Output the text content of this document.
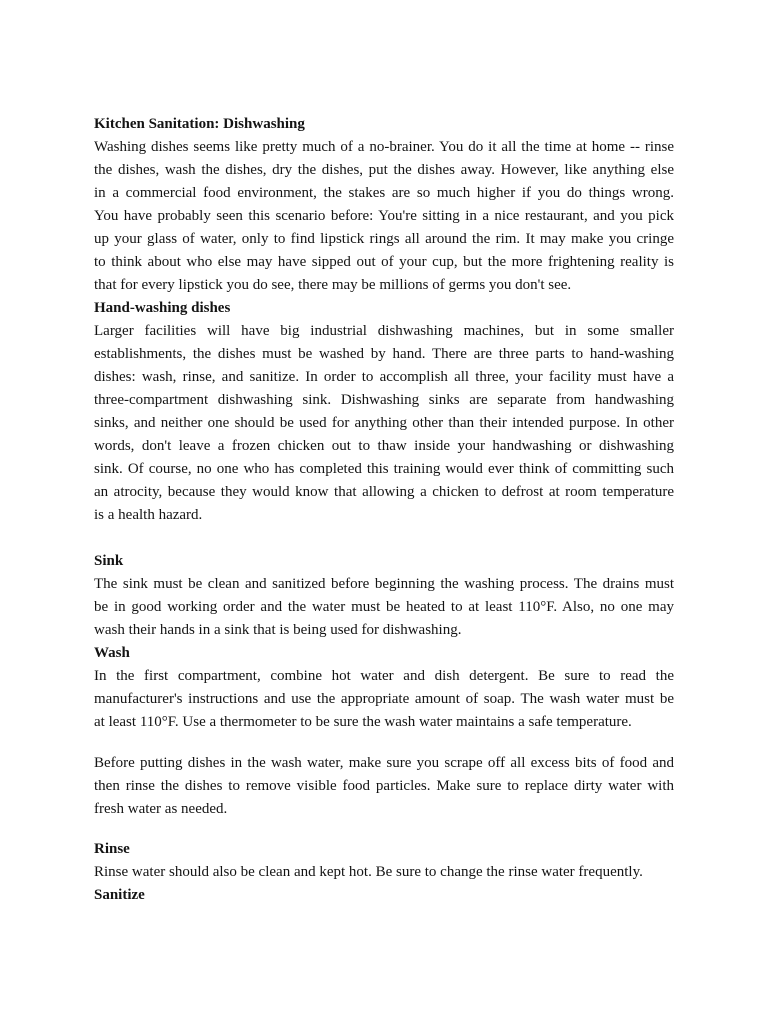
Kitchen Sanitation: Dishwashing
Washing dishes seems like pretty much of a no-brainer. You do it all the time at home -- rinse
the dishes, wash the dishes, dry the dishes, put the dishes away. However, like anything else
in a commercial food environment, the stakes are so much higher if you do things wrong.
You have probably seen this scenario before: You're sitting in a nice restaurant, and you pick
up your glass of water, only to find lipstick rings all around the rim. It may make you cringe
to think about who else may have sipped out of your cup, but the more frightening reality is
that for every lipstick you do see, there may be millions of germs you don't see.
Hand-washing dishes
Larger facilities will have big industrial dishwashing machines, but in some smaller
establishments, the dishes must be washed by hand. There are three parts to hand-washing
dishes: wash, rinse, and sanitize. In order to accomplish all three, your facility must have a
three-compartment dishwashing sink. Dishwashing sinks are separate from handwashing
sinks, and neither one should be used for anything other than their intended purpose. In other
words, don't leave a frozen chicken out to thaw inside your handwashing or dishwashing
sink. Of course, no one who has completed this training would ever think of committing such
an atrocity, because they would know that allowing a chicken to defrost at room temperature
is a health hazard.
Sink
The sink must be clean and sanitized before beginning the washing process. The drains must
be in good working order and the water must be heated to at least 110°F. Also, no one may
wash their hands in a sink that is being used for dishwashing.
Wash
In the first compartment, combine hot water and dish detergent. Be sure to read the
manufacturer's instructions and use the appropriate amount of soap. The wash water must be
at least 110°F. Use a thermometer to be sure the wash water maintains a safe temperature.
Before putting dishes in the wash water, make sure you scrape off all excess bits of food and
then rinse the dishes to remove visible food particles. Make sure to replace dirty water with
fresh water as needed.
Rinse
Rinse water should also be clean and kept hot. Be sure to change the rinse water frequently.
Sanitize
